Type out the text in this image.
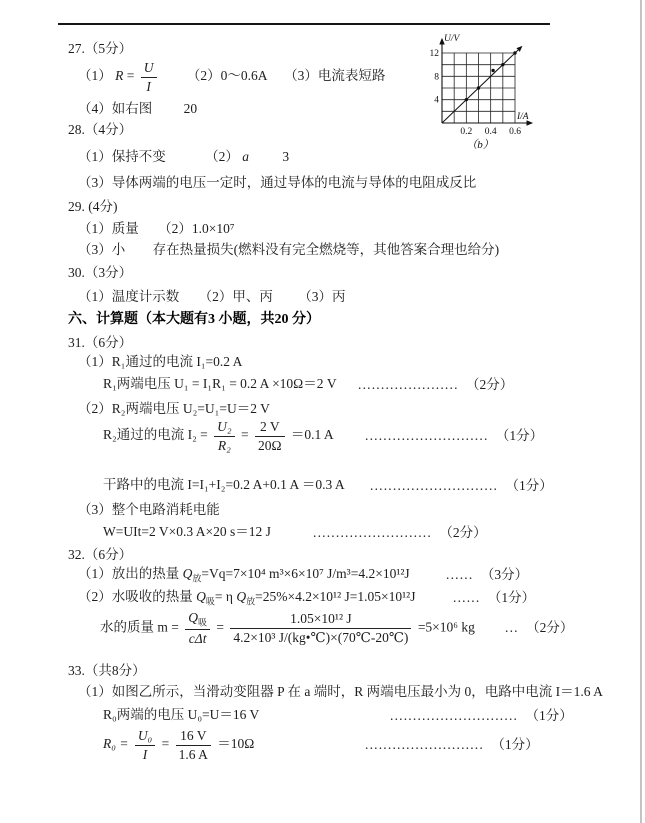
27.（5分）
（1） $R = \frac{U}{I}$ （2）0～0.6A （3）电流表短路
（4）如右图 20
4
8
12
0.2 0.4 0.6
U/V
I/A
（b）
28.（4分）
（1）保持不变	（2） a 3
（3）导体两端的电压一定时，通过导体的电流与导体的电阻成反比
29. (4分)
（1）质量 （2）1.0×10⁷
（3）小 存在热量损失(燃料没有完全燃烧等，其他答案合理也给分)
30.（3分）
（1）温度计示数 （2）甲、丙 （3）丙
六、计算题（本大题有3 小题，共20 分）
31.（6分）
（1）R₁通过的电流 I₁=0.2 A
R₁两端电压 U₁ = I₁R₁ = 0.2 A ×10Ω＝2 V ...................... （2分）
（2）R₂两端电压 U₂=U₁=U＝2 V
R₂通过的电流 $I_2 = \frac{\text{U₂}}{\text{R₂}} = \frac{2 V}{20\Omega} =0.1$ A ........................... （1分）
干路中的电流 I=I₁+I₂=0.2 A+0.1 A ＝0.3 A ............................ （1分）
（3）整个电路消耗电能
W=UIt=2 V×0.3 A×20 s＝12 J	.......................... （2分）
32.（6分）
（1）放出的热量 $Q_放=Vq=7\times 10^4$ m³×6×10⁷ J/m³=4.2×10¹²J	...... （3分）
（2）水吸收的热量 $Q_吸= \eta$ $Q_放=25\%\times 4.2\times 10^{12}$ J=1.05×10¹²J	...... （1分）
水的质量 $m = \frac{Q_吸}{\text{cΔt}} = \frac{\text{1.05×10¹² J}}{\text{4.2×10³ J/(kg•℃)×(70℃-20℃)}} =5\times 10^6$ kg ... （2分）
33.（共8分）
（1）如图乙所示，当滑动变阻器 P 在 a 端时，R 两端电压最小为 0，电路中电流 I＝1.6 A
R₀两端的电压 U₀=U＝16 V	............................ （1分）
$R_0 = \frac{\text{U₀}}{I} = \frac{16 V}{1.6 A} =10\Omega$	.......................... （1分）
